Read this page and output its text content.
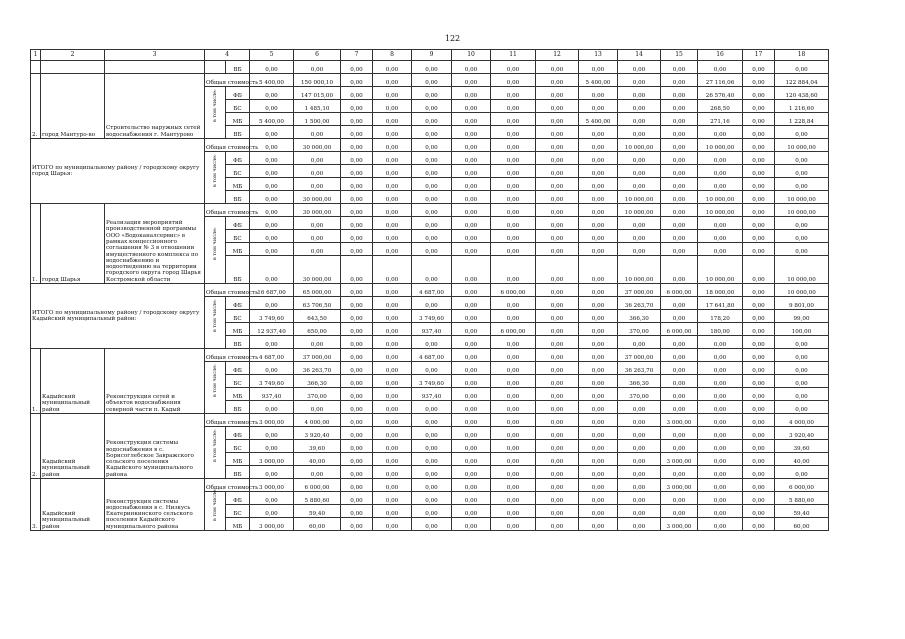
122
1	2	3	4		5	6	7	8	9	10	11	12	13	14	15	16	17	18
				ВБ	0,00	0,00	0,00	0,00	0,00	0,00	0,00	0,00	0,00	0,00	0,00	0,00	0,00	0,00
2.	город Мантуро-во	Строительство наружных сетей водоснабжения г. Мантурово	Общая стоимость		5 400,00	150 000,10	0,00	0,00	0,00	0,00	0,00	0,00	5 400,00	0,00	0,00	27 116,06	0,00	122 884,04

			в том числе:	ФБ	0,00	147 015,00	0,00	0,00	0,00	0,00	0,00	0,00	0,00	0,00	0,00	26 576,40	0,00	120 438,60
				БС	0,00	1 485,10	0,00	0,00	0,00	0,00	0,00	0,00	0,00	0,00	0,00	268,50	0,00	1 216,60
				МБ	5 400,00	1 500,00	0,00	0,00	0,00	0,00	0,00	0,00	5 400,00	0,00	0,00	271,16	0,00	1 228,84
				ВБ	0,00	0,00	0,00	0,00	0,00	0,00	0,00	0,00	0,00	0,00	0,00	0,00	0,00	0,00
ИТОГО по муниципальному району / городскому округу
город Шарья:			Общая стоимость		0,00	30 000,00	0,00	0,00	0,00	0,00	0,00	0,00	0,00	10 000,00	0,00	10 000,00	0,00	10 000,00

			в том числе:	ФБ	0,00	0,00	0,00	0,00	0,00	0,00	0,00	0,00	0,00	0,00	0,00	0,00	0,00	0,00
				БС	0,00	0,00	0,00	0,00	0,00	0,00	0,00	0,00	0,00	0,00	0,00	0,00	0,00	0,00
				МБ	0,00	0,00	0,00	0,00	0,00	0,00	0,00	0,00	0,00	0,00	0,00	0,00	0,00	0,00
				ВБ	0,00	30 000,00	0,00	0,00	0,00	0,00	0,00	0,00	0,00	10 000,00	0,00	10 000,00	0,00	10 000,00
1.	город Шарья	Реализация мероприятий производственной программы ООО «Водоканалсервис» в рамках концессионного соглашения № 3 в отношении имущественного комплекса по водоснабжению и водоотведению на территории городского округа город Шарья Костромской области	Общая стоимость		0,00	30 000,00	0,00	0,00	0,00	0,00	0,00	0,00	0,00	10 000,00	0,00	10 000,00	0,00	10 000,00

			в том числе:	ФБ	0,00	0,00	0,00	0,00	0,00	0,00	0,00	0,00	0,00	0,00	0,00	0,00	0,00	0,00
				БС	0,00	0,00	0,00	0,00	0,00	0,00	0,00	0,00	0,00	0,00	0,00	0,00	0,00	0,00
				МБ	0,00	0,00	0,00	0,00	0,00	0,00	0,00	0,00	0,00	0,00	0,00	0,00	0,00	0,00
				ВБ	0,00	30 000,00	0,00	0,00	0,00	0,00	0,00	0,00	0,00	10 000,00	0,00	10 000,00	0,00	10 000,00
ИТОГО по муниципальному району / городскому округу
Кадыйский муниципальный район:			Общая стоимость		16 687,00	65 000,00	0,00	0,00	4 687,00	0,00	6 000,00	0,00	0,00	37 000,00	6 000,00	18 000,00	0,00	10 000,00

			в том числе:	ФБ	0,00	63 706,50	0,00	0,00	0,00	0,00	0,00	0,00	0,00	36 263,70	0,00	17 641,80	0,00	9 801,00
				БС	3 749,60	643,50	0,00	0,00	3 749,60	0,00	0,00	0,00	0,00	366,30	0,00	178,20	0,00	99,00
				МБ	12 937,40	650,00	0,00	0,00	937,40	0,00	6 000,00	0,00	0,00	370,00	6 000,00	180,00	0,00	100,00
				ВБ	0,00	0,00	0,00	0,00	0,00	0,00	0,00	0,00	0,00	0,00	0,00	0,00	0,00	0,00
1.	Кадыйский муниципальный район	Реконструкция сетей и объектов водоснабжения северной части п. Кадый	Общая стоимость		4 687,00	37 000,00	0,00	0,00	4 687,00	0,00	0,00	0,00	0,00	37 000,00	0,00	0,00	0,00	0,00

			в том числе:	ФБ	0,00	36 263,70	0,00	0,00	0,00	0,00	0,00	0,00	0,00	36 263,70	0,00	0,00	0,00	0,00
				БС	3 749,60	366,30	0,00	0,00	3 749,60	0,00	0,00	0,00	0,00	366,30	0,00	0,00	0,00	0,00
				МБ	937,40	370,00	0,00	0,00	937,40	0,00	0,00	0,00	0,00	370,00	0,00	0,00	0,00	0,00
				ВБ	0,00	0,00	0,00	0,00	0,00	0,00	0,00	0,00	0,00	0,00	0,00	0,00	0,00	0,00
2.	Кадыйский муниципальный район	Реконструкция системы водоснабжения в с. Борисоглебское Завражского сельского поселения Кадыйского муниципального района	Общая стоимость		3 000,00	4 000,00	0,00	0,00	0,00	0,00	0,00	0,00	0,00	0,00	3 000,00	0,00	0,00	4 000,00

			в том числе:	ФБ	0,00	3 920,40	0,00	0,00	0,00	0,00	0,00	0,00	0,00	0,00	0,00	0,00	0,00	3 920,40
				БС	0,00	39,60	0,00	0,00	0,00	0,00	0,00	0,00	0,00	0,00	0,00	0,00	0,00	39,60
				МБ	3 000,00	40,00	0,00	0,00	0,00	0,00	0,00	0,00	0,00	0,00	3 000,00	0,00	0,00	40,00
				ВБ	0,00	0,00	0,00	0,00	0,00	0,00	0,00	0,00	0,00	0,00	0,00	0,00	0,00	0,00
3.	Кадыйский муниципальный район	Реконструкция системы водоснабжения в с. Низкусь Екатеринкинского сельского поселения Кадыйского муниципального района	Общая стоимость		3 000,00	6 000,00	0,00	0,00	0,00	0,00	0,00	0,00	0,00	0,00	3 000,00	0,00	0,00	6 000,00

			в том числе:	ФБ	0,00	5 880,60	0,00	0,00	0,00	0,00	0,00	0,00	0,00	0,00	0,00	0,00	0,00	5 880,60
				БС	0,00	59,40	0,00	0,00	0,00	0,00	0,00	0,00	0,00	0,00	0,00	0,00	0,00	59,40
				МБ	3 000,00	60,00	0,00	0,00	0,00	0,00	0,00	0,00	0,00	0,00	3 000,00	0,00	0,00	60,00
